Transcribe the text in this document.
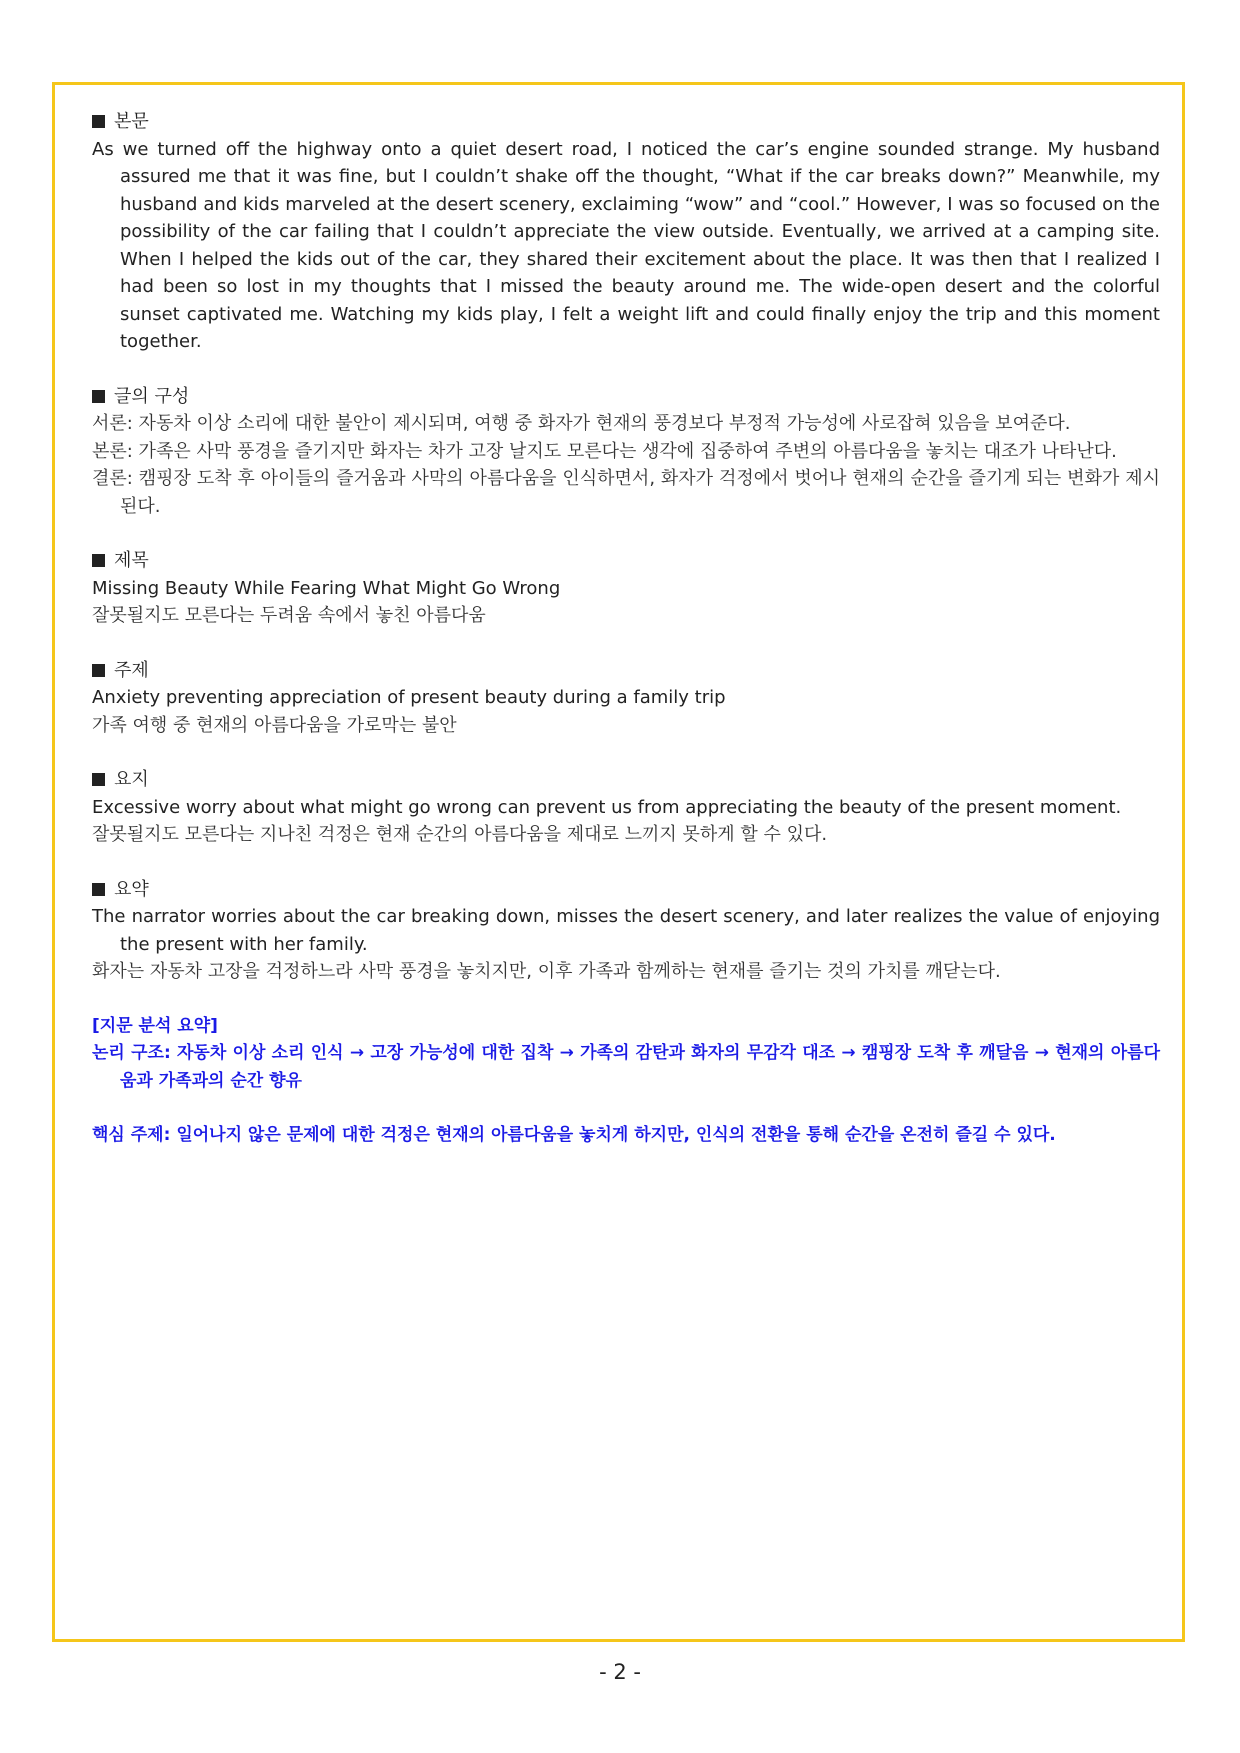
본문
As we turned off the highway onto a quiet desert road, I noticed the car’s engine sounded strange. My husband assured me that it was fine, but I couldn’t shake off the thought, “What if the car breaks down?” Meanwhile, my husband and kids marveled at the desert scenery, exclaiming “wow” and “cool.” However, I was so focused on the possibility of the car failing that I couldn’t appreciate the view outside. Eventually, we arrived at a camping site. When I helped the kids out of the car, they shared their excitement about the place. It was then that I realized I had been so lost in my thoughts that I missed the beauty around me. The wide-open desert and the colorful sunset captivated me. Watching my kids play, I felt a weight lift and could finally enjoy the trip and this moment together.
글의 구성
서론: 자동차 이상 소리에 대한 불안이 제시되며, 여행 중 화자가 현재의 풍경보다 부정적 가능성에 사로잡혀 있음을 보여준다.
본론: 가족은 사막 풍경을 즐기지만 화자는 차가 고장 날지도 모른다는 생각에 집중하여 주변의 아름다움을 놓치는 대조가 나타난다.
결론: 캠핑장 도착 후 아이들의 즐거움과 사막의 아름다움을 인식하면서, 화자가 걱정에서 벗어나 현재의 순간을 즐기게 되는 변화가 제시된다.
제목
Missing Beauty While Fearing What Might Go Wrong
잘못될지도 모른다는 두려움 속에서 놓친 아름다움
주제
Anxiety preventing appreciation of present beauty during a family trip
가족 여행 중 현재의 아름다움을 가로막는 불안
요지
Excessive worry about what might go wrong can prevent us from appreciating the beauty of the present moment.
잘못될지도 모른다는 지나친 걱정은 현재 순간의 아름다움을 제대로 느끼지 못하게 할 수 있다.
요약
The narrator worries about the car breaking down, misses the desert scenery, and later realizes the value of enjoying the present with her family.
화자는 자동차 고장을 걱정하느라 사막 풍경을 놓치지만, 이후 가족과 함께하는 현재를 즐기는 것의 가치를 깨닫는다.
[지문 분석 요약]
논리 구조: 자동차 이상 소리 인식 → 고장 가능성에 대한 집착 → 가족의 감탄과 화자의 무감각 대조 → 캠핑장 도착 후 깨달음 → 현재의 아름다움과 가족과의 순간 향유
핵심 주제: 일어나지 않은 문제에 대한 걱정은 현재의 아름다움을 놓치게 하지만, 인식의 전환을 통해 순간을 온전히 즐길 수 있다.
- 2 -
